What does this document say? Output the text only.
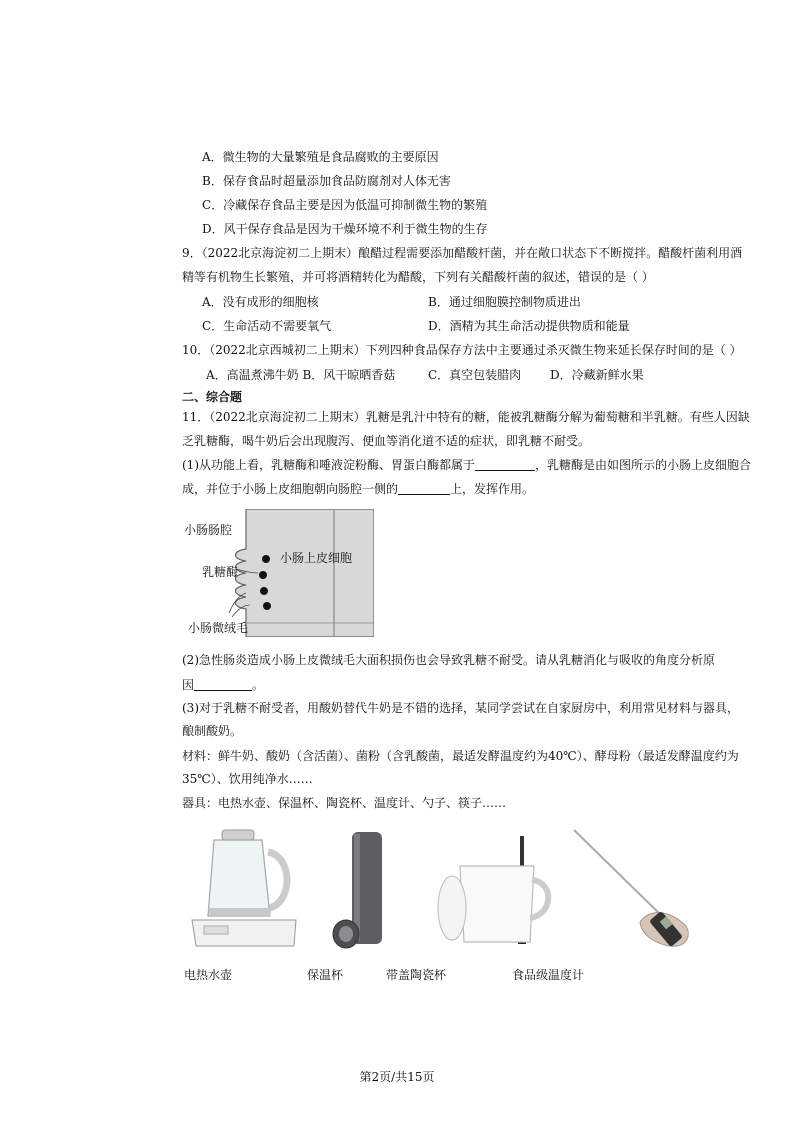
A．微生物的大量繁殖是食品腐败的主要原因
B．保存食品时超量添加食品防腐剂对人体无害
C．冷藏保存食品主要是因为低温可抑制微生物的繁殖
D．风干保存食品是因为干燥环境不利于微生物的生存
9．（2022北京海淀初二上期末）酿醋过程需要添加醋酸杆菌，并在敞口状态下不断搅拌。醋酸杆菌利用酒
精等有机物生长繁殖，并可将酒精转化为醋酸，下列有关醋酸杆菌的叙述，错误的是（ ）
A．没有成形的细胞核	B．通过细胞膜控制物质进出
C．生命活动不需要氧气	D．酒精为其生命活动提供物质和能量
10．（2022北京西城初二上期末）下列四种食品保存方法中主要通过杀灭微生物来延长保存时间的是（ ）
A．高温煮沸牛奶 B．风干晾晒香菇	C．真空包装腊肉 D．冷藏新鲜水果
二、综合题
11．（2022北京海淀初二上期末）乳糖是乳汁中特有的糖，能被乳糖酶分解为葡萄糖和半乳糖。有些人因缺
乏乳糖酶，喝牛奶后会出现腹泻、便血等消化道不适的症状，即乳糖不耐受。
(1)从功能上看，乳糖酶和唾液淀粉酶、胃蛋白酶都属于	，乳糖酶是由如图所示的小肠上皮细胞合
成，并位于小肠上皮细胞朝向肠腔一侧的	上，发挥作用。
小肠肠腔
乳糖酶
小肠上皮细胞
小肠微绒毛
(2)急性肠炎造成小肠上皮微绒毛大面积损伤也会导致乳糖不耐受。请从乳糖消化与吸收的角度分析原
因	。
(3)对于乳糖不耐受者，用酸奶替代牛奶是不错的选择，某同学尝试在自家厨房中，利用常见材料与器具，
酿制酸奶。
材料：鲜牛奶、酸奶（含活菌）、菌粉（含乳酸菌，最适发酵温度约为40℃）、酵母粉（最适发酵温度约为
35℃）、饮用纯净水……
器具：电热水壶、保温杯、陶瓷杯、温度计、勺子、筷子……
电热水壶	保温杯	带盖陶瓷杯	食品级温度计
第2页/共15页
